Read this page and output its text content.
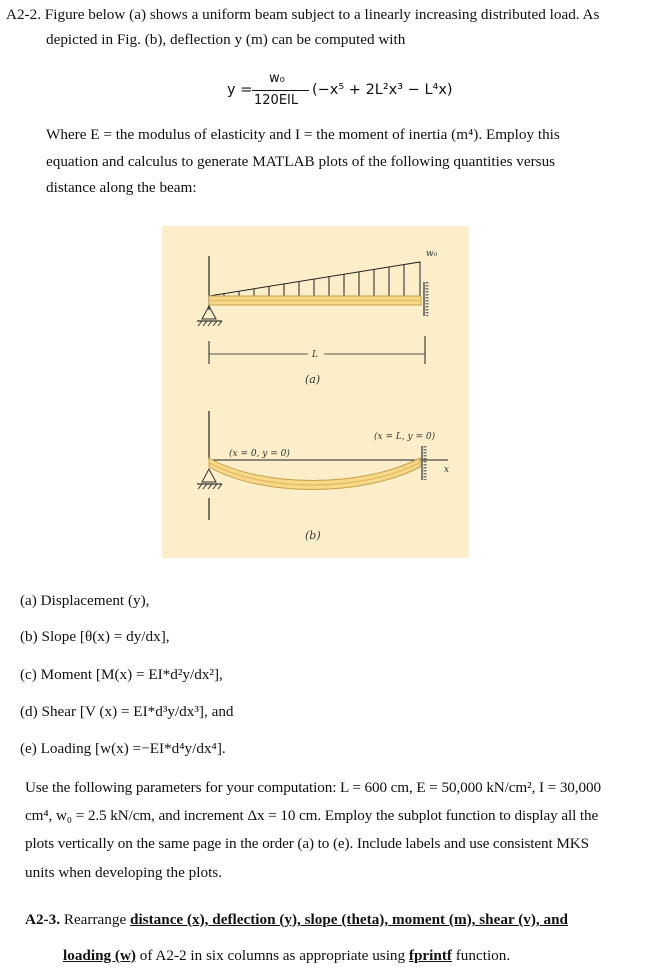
A2-2. Figure below (a) shows a uniform beam subject to a linearly increasing distributed load. As
depicted in Fig. (b), deflection y (m) can be computed with
y =
w₀
120EIL
(−x⁵ + 2L²x³ − L⁴x)
Where E = the modulus of elasticity and I = the moment of inertia (m⁴). Employ this
equation and calculus to generate MATLAB plots of the following quantities versus
distance along the beam:
w₀
L
(a)
(x = 0, y = 0)
(x = L, y = 0)
x
(b)
(a) Displacement (y),
(b) Slope [θ(x) = dy/dx],
(c) Moment [M(x) = EI*d²y/dx²],
(d) Shear [V (x) = EI*d³y/dx³], and
(e) Loading [w(x) =−EI*d⁴y/dx⁴].
Use the following parameters for your computation: L = 600 cm, E = 50,000 kN/cm², I = 30,000
cm⁴, w₀ = 2.5 kN/cm, and increment Δx = 10 cm. Employ the subplot function to display all the
plots vertically on the same page in the order (a) to (e). Include labels and use consistent MKS
units when developing the plots.
A2-3. Rearrange distance (x), deflection (y), slope (theta), moment (m), shear (v), and
loading (w) of A2-2 in six columns as appropriate using fprintf function.
